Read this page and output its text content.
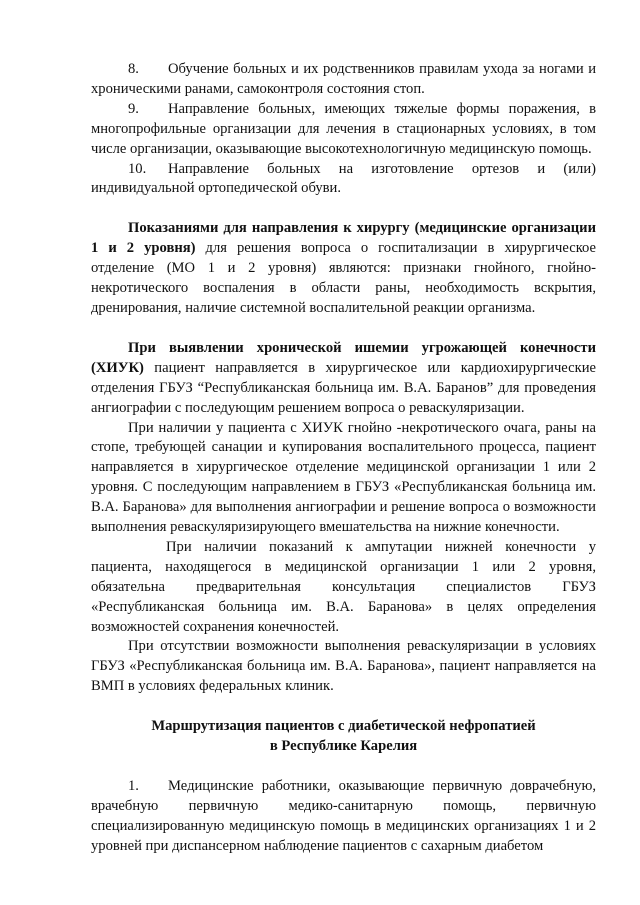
8. Обучение больных и их родственников правилам ухода за ногами и хроническими ранами, самоконтроля состояния стоп.

9. Направление больных, имеющих тяжелые формы поражения, в многопрофильные организации для лечения в стационарных условиях, в том числе организации, оказывающие высокотехнологичную медицинскую помощь.

10. Направление больных на изготовление ортезов и (или) индивидуальной ортопедической обуви.

Показаниями для направления к хирургу (медицинские организации 1 и 2 уровня) для решения вопроса о госпитализации в хирургическое отделение (МО 1 и 2 уровня) являются: признаки гнойного, гнойно-некротического воспаления в области раны, необходимость вскрытия, дренирования, наличие системной воспалительной реакции организма.

При выявлении хронической ишемии угрожающей конечности (ХИУК) пациент направляется в хирургическое или кардиохирургические отделения ГБУЗ “Республиканская больница им. В.А. Баранов” для проведения ангиографии с последующим решением вопроса о реваскуляризации.

При наличии у пациента с ХИУК гнойно -некротического очага, раны на стопе, требующей санации и купирования воспалительного процесса, пациент направляется в хирургическое отделение медицинской организации 1 или 2 уровня. С последующим направлением в ГБУЗ «Республиканская больница им. В.А. Баранова» для выполнения ангиографии и решение вопроса о возможности выполнения реваскуляризирующего вмешательства на нижние конечности.

При наличии показаний к ампутации нижней конечности у пациента, находящегося в медицинской организации 1 или 2 уровня, обязательна предварительная консультация специалистов ГБУЗ «Республиканская больница им. В.А. Баранова» в целях определения возможностей сохранения конечностей.

При отсутствии возможности выполнения реваскуляризации в условиях ГБУЗ «Республиканская больница им. В.А. Баранова», пациент направляется на ВМП в условиях федеральных клиник.

Маршрутизация пациентов с диабетической нефропатией
в Республике Карелия

1. Медицинские работники, оказывающие первичную доврачебную, врачебную первичную медико-санитарную помощь, первичную специализированную медицинскую помощь в медицинских организациях 1 и 2 уровней при диспансерном наблюдение пациентов с сахарным диабетом
